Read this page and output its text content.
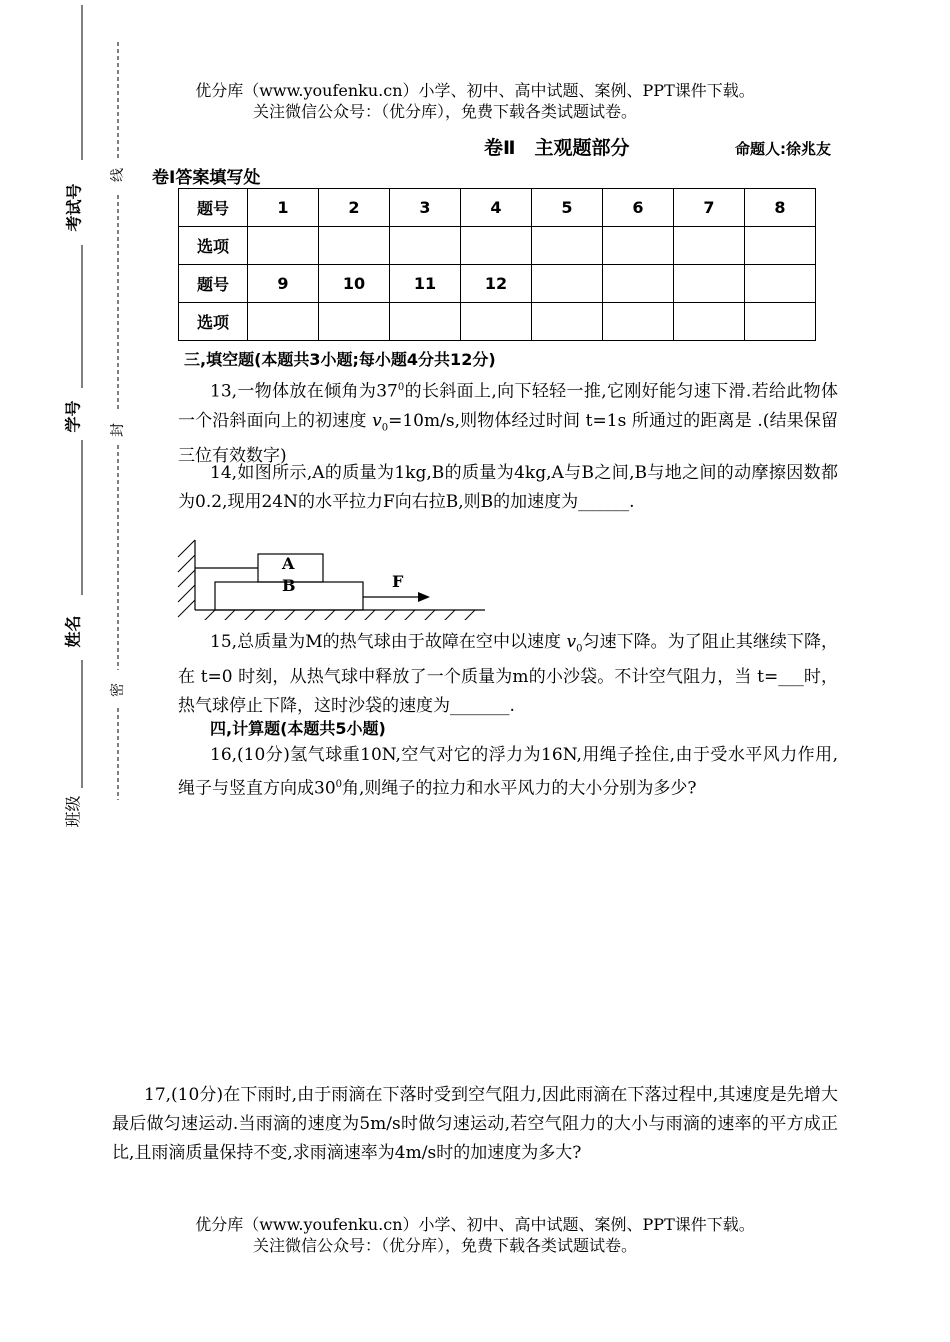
考试号
学号
姓名
班级
线
封
密
优分库（www.youfenku.cn）小学、初中、高中试题、案例、PPT课件下载。
关注微信公众号：（优分库），免费下载各类试题试卷。
卷Ⅱ　主观题部分	命题人:徐兆友
卷Ⅰ答案填写处
题号	1	2	3	4	5	6	7	8
选项								
题号	9	10	11	12				
选项								
三,填空题(本题共3小题;每小题4分共12分)
13,一物体放在倾角为$37^0$的长斜面上,向下轻轻一推,它刚好能匀速下滑.若给此物体一个沿斜面向上的初速度 $v_0=10m/s$,则物体经过时间 t=1s 所通过的距离是 .(结果保留三位有效数字)
14,如图所示,A的质量为1kg,B的质量为4kg,A与B之间,B与地之间的动摩擦因数都为0.2,现用24N的水平拉力F向右拉B,则B的加速度为______.
A
B	F
15,总质量为M的热气球由于故障在空中以速度 $v_0$匀速下降。为了阻止其继续下降，在 t=0 时刻，从热气球中释放了一个质量为m的小沙袋。不计空气阻力，当 t=___时，热气球停止下降，这时沙袋的速度为_______.
四,计算题(本题共5小题)
16,(10分)氢气球重10N,空气对它的浮力为16N,用绳子拴住,由于受水平风力作用,绳子与竖直方向成$30^0$角,则绳子的拉力和水平风力的大小分别为多少?
17,(10分)在下雨时,由于雨滴在下落时受到空气阻力,因此雨滴在下落过程中,其速度是先增大最后做匀速运动.当雨滴的速度为5m/s时做匀速运动,若空气阻力的大小与雨滴的速率的平方成正比,且雨滴质量保持不变,求雨滴速率为4m/s时的加速度为多大?
优分库（www.youfenku.cn）小学、初中、高中试题、案例、PPT课件下载。
关注微信公众号：（优分库），免费下载各类试题试卷。
